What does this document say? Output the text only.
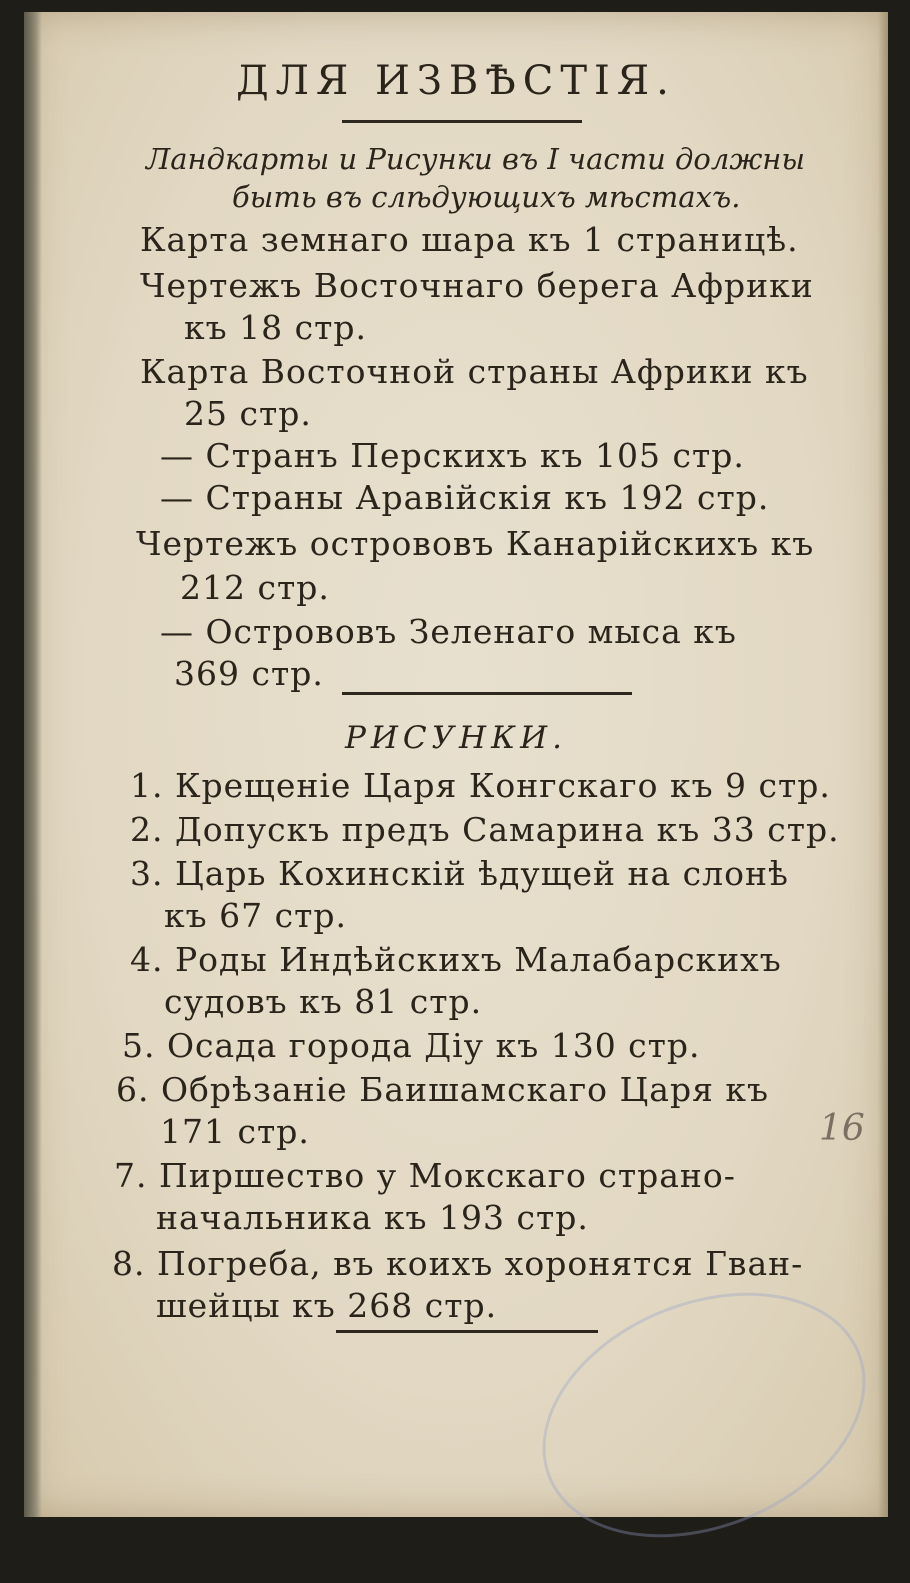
ДЛЯ ИЗВѢСТІЯ.
Ландкарты и Рисунки въ I части должны
быть въ слѣдующихъ мѣстахъ.
Карта земнаго шара къ 1 страницѣ.
Чертежъ Восточнаго берега Африки
къ 18 стр.
Карта Восточной страны Африки къ
25 стр.
— Странъ Перскихъ къ 105 стр.
— Страны Аравійскія къ 192 стр.
Чертежъ острововъ Канарійскихъ къ
212 стр.
— Острововъ Зеленаго мыса къ
369 стр.
РИСУНКИ.
1. Крещеніе Царя Конгскаго къ 9 стр.
2. Допускъ предъ Самарина къ 33 стр.
3. Царь Кохинскій ѣдущей на слонѣ
къ 67 стр.
4. Роды Индѣйскихъ Малабарскихъ
судовъ къ 81 стр.
5. Осада города Діу къ 130 стр.
6. Обрѣзаніе Баишамскаго Царя къ
171 стр.
7. Пиршество у Мокскаго страно-
начальника къ 193 стр.
8. Погреба, въ коихъ хоронятся Гван-
шейцы къ 268 стр.
16
